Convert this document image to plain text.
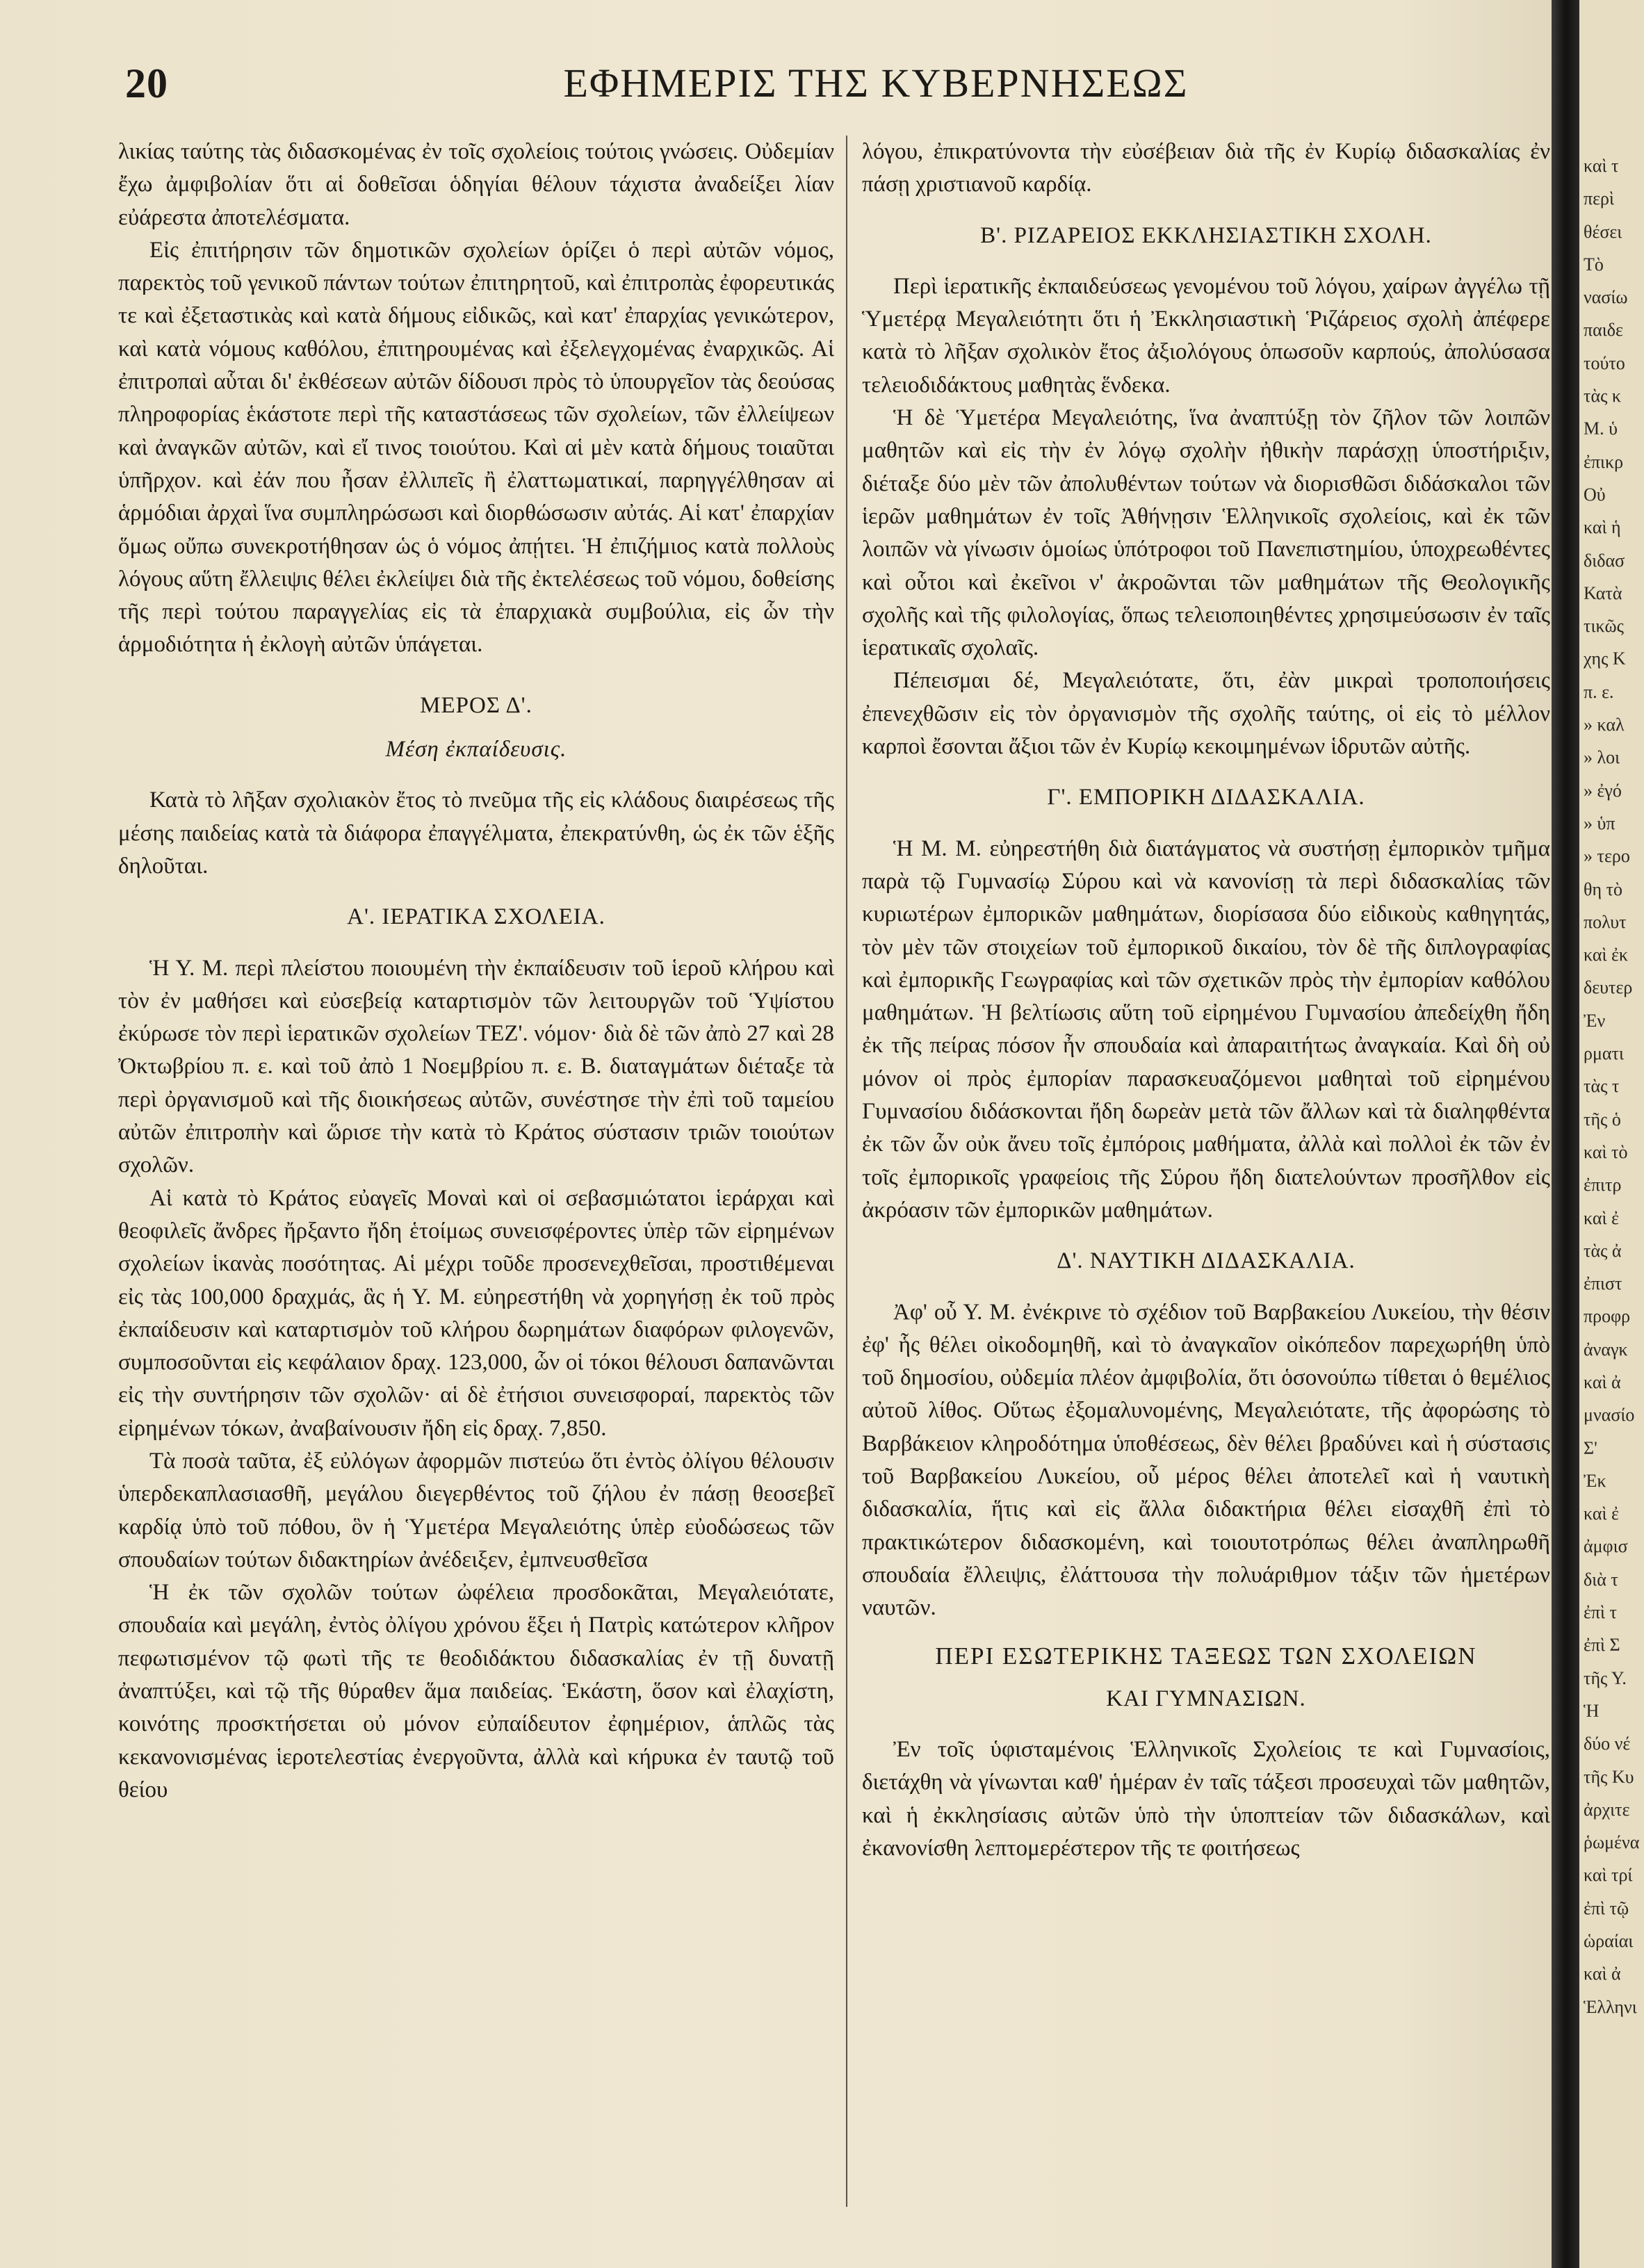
20	ΕΦΗΜΕΡΙΣ ΤΗΣ ΚΥΒΕΡΝΗΣΕΩΣ

λικίας ταύτης τὰς διδασκομένας ἐν τοῖς σχολείοις τούτοις γνώσεις. Οὐδεμίαν ἔχω ἀμφιβολίαν ὅτι αἱ δοθεῖσαι ὁδηγίαι θέλουν τάχιστα ἀναδείξει λίαν εὐάρεστα ἀποτελέσματα.

Εἰς ἐπιτήρησιν τῶν δημοτικῶν σχολείων ὁρίζει ὁ περὶ αὐτῶν νόμος, παρεκτὸς τοῦ γενικοῦ πάντων τούτων ἐπιτηρητοῦ, καὶ ἐπιτροπὰς ἐφορευτικάς τε καὶ ἐξεταστικὰς καὶ κατὰ δήμους εἰδικῶς, καὶ κατ' ἐπαρχίας γενικώτερον, καὶ κατὰ νόμους καθόλου, ἐπιτηρουμένας καὶ ἐξελεγχομένας ἐναρχικῶς. Αἱ ἐπιτροπαὶ αὗται δι' ἐκθέσεων αὐτῶν δίδουσι πρὸς τὸ ὑπουργεῖον τὰς δεούσας πληροφορίας ἑκάστοτε περὶ τῆς καταστάσεως τῶν σχολείων, τῶν ἐλλείψεων καὶ ἀναγκῶν αὐτῶν, καὶ εἴ τινος τοιούτου. Καὶ αἱ μὲν κατὰ δήμους τοιαῦται ὑπῆρχον. καὶ ἐάν που ἦσαν ἐλλιπεῖς ἢ ἐλαττωματικαί, παρηγγέλθησαν αἱ ἁρμόδιαι ἀρχαὶ ἵνα συμπληρώσωσι καὶ διορθώσωσιν αὐτάς. Αἱ κατ' ἐπαρχίαν ὅμως οὔπω συνεκροτήθησαν ὡς ὁ νόμος ἀπῄτει. Ἡ ἐπιζήμιος κατὰ πολλοὺς λόγους αὕτη ἔλλειψις θέλει ἐκλείψει διὰ τῆς ἐκτελέσεως τοῦ νόμου, δοθείσης τῆς περὶ τούτου παραγγελίας εἰς τὰ ἐπαρχιακὰ συμβούλια, εἰς ὧν τὴν ἁρμοδιότητα ἡ ἐκλογὴ αὐτῶν ὑπάγεται.

ΜΕΡΟΣ Δ'.
Μέση ἐκπαίδευσις.

Κατὰ τὸ λῆξαν σχολιακὸν ἔτος τὸ πνεῦμα τῆς εἰς κλάδους διαιρέσεως τῆς μέσης παιδείας κατὰ τὰ διάφορα ἐπαγγέλματα, ἐπεκρατύνθη, ὡς ἐκ τῶν ἑξῆς δηλοῦται.

Α'. ΙΕΡΑΤΙΚΑ ΣΧΟΛΕΙΑ.

Ἡ Υ. Μ. περὶ πλείστου ποιουμένη τὴν ἐκπαίδευσιν τοῦ ἱεροῦ κλήρου καὶ τὸν ἐν μαθήσει καὶ εὐσεβείᾳ καταρτισμὸν τῶν λειτουργῶν τοῦ Ὑψίστου ἐκύρωσε τὸν περὶ ἱερατικῶν σχολείων ΤΕΖ'. νόμον· διὰ δὲ τῶν ἀπὸ 27 καὶ 28 Ὀκτωβρίου π. ε. καὶ τοῦ ἀπὸ 1 Νοεμβρίου π. ε. Β. διαταγμάτων διέταξε τὰ περὶ ὀργανισμοῦ καὶ τῆς διοικήσεως αὐτῶν, συνέστησε τὴν ἐπὶ τοῦ ταμείου αὐτῶν ἐπιτροπὴν καὶ ὥρισε τὴν κατὰ τὸ Κράτος σύστασιν τριῶν τοιούτων σχολῶν.

Αἱ κατὰ τὸ Κράτος εὐαγεῖς Μοναὶ καὶ οἱ σεβασμιώτατοι ἱεράρχαι καὶ θεοφιλεῖς ἄνδρες ἤρξαντο ἤδη ἑτοίμως συνεισφέροντες ὑπὲρ τῶν εἰρημένων σχολείων ἱκανὰς ποσότητας. Αἱ μέχρι τοῦδε προσενεχθεῖσαι, προστιθέμεναι εἰς τὰς 100,000 δραχμάς, ἃς ἡ Υ. Μ. εὐηρεστήθη νὰ χορηγήσῃ ἐκ τοῦ πρὸς ἐκπαίδευσιν καὶ καταρτισμὸν τοῦ κλήρου δωρημάτων διαφόρων φιλογενῶν, συμποσοῦνται εἰς κεφάλαιον δραχ. 123,000, ὧν οἱ τόκοι θέλουσι δαπανῶνται εἰς τὴν συντήρησιν τῶν σχολῶν· αἱ δὲ ἐτήσιοι συνεισφοραί, παρεκτὸς τῶν εἰρημένων τόκων, ἀναβαίνουσιν ἤδη εἰς δραχ. 7,850.

Τὰ ποσὰ ταῦτα, ἐξ εὐλόγων ἀφορμῶν πιστεύω ὅτι ἐντὸς ὀλίγου θέλουσιν ὑπερδεκαπλασιασθῆ, μεγάλου διεγερθέντος τοῦ ζήλου ἐν πάσῃ θεοσεβεῖ καρδίᾳ ὑπὸ τοῦ πόθου, ὃν ἡ Ὑμετέρα Μεγαλειότης ὑπὲρ εὐοδώσεως τῶν σπουδαίων τούτων διδακτηρίων ἀνέδειξεν, ἐμπνευσθεῖσα

Ἡ ἐκ τῶν σχολῶν τούτων ὠφέλεια προσδοκᾶται, Μεγαλειότατε, σπουδαία καὶ μεγάλη, ἐντὸς ὀλίγου χρόνου ἕξει ἡ Πατρὶς κατώτερον κλῆρον πεφωτισμένον τῷ φωτὶ τῆς τε θεοδιδάκτου διδασκαλίας ἐν τῇ δυνατῇ ἀναπτύξει, καὶ τῷ τῆς θύραθεν ἅμα παιδείας. Ἑκάστη, ὅσον καὶ ἐλαχίστη, κοινότης προσκτήσεται οὐ μόνον εὐπαίδευτον ἐφημέριον, ἁπλῶς τὰς κεκανονισμένας ἱεροτελεστίας ἐνεργοῦντα, ἀλλὰ καὶ κήρυκα ἐν ταυτῷ τοῦ θείου

λόγου, ἐπικρατύνοντα τὴν εὐσέβειαν διὰ τῆς ἐν Κυρίῳ διδασκαλίας ἐν πάσῃ χριστιανοῦ καρδίᾳ.

Β'. ΡΙΖΑΡΕΙΟΣ ΕΚΚΛΗΣΙΑΣΤΙΚΗ ΣΧΟΛΗ.

Περὶ ἱερατικῆς ἐκπαιδεύσεως γενομένου τοῦ λόγου, χαίρων ἀγγέλω τῇ Ὑμετέρᾳ Μεγαλειότητι ὅτι ἡ Ἐκκλησιαστικὴ Ῥιζάρειος σχολὴ ἀπέφερε κατὰ τὸ λῆξαν σχολικὸν ἔτος ἀξιολόγους ὁπωσοῦν καρπούς, ἀπολύσασα τελειοδιδάκτους μαθητὰς ἕνδεκα.

Ἡ δὲ Ὑμετέρα Μεγαλειότης, ἵνα ἀναπτύξῃ τὸν ζῆλον τῶν λοιπῶν μαθητῶν καὶ εἰς τὴν ἐν λόγῳ σχολὴν ἠθικὴν παράσχῃ ὑποστήριξιν, διέταξε δύο μὲν τῶν ἀπολυθέντων τούτων νὰ διορισθῶσι διδάσκαλοι τῶν ἱερῶν μαθημάτων ἐν τοῖς Ἀθήνῃσιν Ἑλληνικοῖς σχολείοις, καὶ ἐκ τῶν λοιπῶν νὰ γίνωσιν ὁμοίως ὑπότροφοι τοῦ Πανεπιστημίου, ὑποχρεωθέντες καὶ οὗτοι καὶ ἐκεῖνοι ν' ἀκροῶνται τῶν μαθημάτων τῆς Θεολογικῆς σχολῆς καὶ τῆς φιλολογίας, ὅπως τελειοποιηθέντες χρησιμεύσωσιν ἐν ταῖς ἱερατικαῖς σχολαῖς.

Πέπεισμαι δέ, Μεγαλειότατε, ὅτι, ἐὰν μικραὶ τροποποιήσεις ἐπενεχθῶσιν εἰς τὸν ὀργανισμὸν τῆς σχολῆς ταύτης, οἱ εἰς τὸ μέλλον καρποὶ ἔσονται ἄξιοι τῶν ἐν Κυρίῳ κεκοιμημένων ἱδρυτῶν αὐτῆς.

Γ'. ΕΜΠΟΡΙΚΗ ΔΙΔΑΣΚΑΛΙΑ.

Ἡ Μ. Μ. εὐηρεστήθη διὰ διατάγματος νὰ συστήσῃ ἐμπορικὸν τμῆμα παρὰ τῷ Γυμνασίῳ Σύρου καὶ νὰ κανονίσῃ τὰ περὶ διδασκαλίας τῶν κυριωτέρων ἐμπορικῶν μαθημάτων, διορίσασα δύο εἰδικοὺς καθηγητάς, τὸν μὲν τῶν στοιχείων τοῦ ἐμπορικοῦ δικαίου, τὸν δὲ τῆς διπλογραφίας καὶ ἐμπορικῆς Γεωγραφίας καὶ τῶν σχετικῶν πρὸς τὴν ἐμπορίαν καθόλου μαθημάτων. Ἡ βελτίωσις αὕτη τοῦ εἰρημένου Γυμνασίου ἀπεδείχθη ἤδη ἐκ τῆς πείρας πόσον ἦν σπουδαία καὶ ἀπαραιτήτως ἀναγκαία. Καὶ δὴ οὐ μόνον οἱ πρὸς ἐμπορίαν παρασκευαζόμενοι μαθηταὶ τοῦ εἰρημένου Γυμνασίου διδάσκονται ἤδη δωρεὰν μετὰ τῶν ἄλλων καὶ τὰ διαληφθέντα ἐκ τῶν ὧν οὐκ ἄνευ τοῖς ἐμπόροις μαθήματα, ἀλλὰ καὶ πολλοὶ ἐκ τῶν ἐν τοῖς ἐμπορικοῖς γραφείοις τῆς Σύρου ἤδη διατελούντων προσῆλθον εἰς ἀκρόασιν τῶν ἐμπορικῶν μαθημάτων.

Δ'. ΝΑΥΤΙΚΗ ΔΙΔΑΣΚΑΛΙΑ.

Ἀφ' οὗ Υ. Μ. ἐνέκρινε τὸ σχέδιον τοῦ Βαρβακείου Λυκείου, τὴν θέσιν ἐφ' ἧς θέλει οἰκοδομηθῆ, καὶ τὸ ἀναγκαῖον οἰκόπεδον παρεχωρήθη ὑπὸ τοῦ δημοσίου, οὐδεμία πλέον ἀμφιβολία, ὅτι ὁσονούπω τίθεται ὁ θεμέλιος αὐτοῦ λίθος. Οὕτως ἐξομαλυνομένης, Μεγαλειότατε, τῆς ἀφορώσης τὸ Βαρβάκειον κληροδότημα ὑποθέσεως, δὲν θέλει βραδύνει καὶ ἡ σύστασις τοῦ Βαρβακείου Λυκείου, οὗ μέρος θέλει ἀποτελεῖ καὶ ἡ ναυτικὴ διδασκαλία, ἥτις καὶ εἰς ἄλλα διδακτήρια θέλει εἰσαχθῆ ἐπὶ τὸ πρακτικώτερον διδασκομένη, καὶ τοιουτοτρόπως θέλει ἀναπληρωθῆ σπουδαία ἔλλειψις, ἐλάττουσα τὴν πολυάριθμον τάξιν τῶν ἡμετέρων ναυτῶν.

ΠΕΡΙ ΕΣΩΤΕΡΙΚΗΣ ΤΑΞΕΩΣ ΤΩΝ ΣΧΟΛΕΙΩΝ
ΚΑΙ ΓΥΜΝΑΣΙΩΝ.

Ἐν τοῖς ὑφισταμένοις Ἑλληνικοῖς Σχολείοις τε καὶ Γυμνασίοις, διετάχθη νὰ γίνωνται καθ' ἡμέραν ἐν ταῖς τάξεσι προσευχαὶ τῶν μαθητῶν, καὶ ἡ ἐκκλησίασις αὐτῶν ὑπὸ τὴν ὑποπτείαν τῶν διδασκάλων, καὶ ἐκανονίσθη λεπτομερέστερον τῆς τε φοιτήσεως

καὶ τ
περὶ
θέσει
Τὸ
νασίω
παιδε
τούτο
τὰς κ
Μ. ὑ
ἐπικρ
Οὐ
καὶ ἡ
διδασ
Κατὰ
τικῶς
χης Κ
π. ε.
» καλ
» λοι
» ἐγό
» ὑπ
» τερο
θη τὸ
πολυτ
καὶ ἐκ
δευτερ
Ἐν
ρματι
τὰς τ
τῆς ὁ
καὶ τὸ
ἐπιτρ
καὶ ἐ
τὰς ἀ
ἐπιστ
προφρ
ἀναγκ
καὶ ἀ
μνασίο
Σ'
Ἐκ
καὶ ἐ
ἀμφισ
διὰ τ
ἐπὶ τ
ἐπὶ Σ
τῆς Υ.
Ἡ
δύο νέ
τῆς Κυ
ἀρχιτε
ῥωμένα
καὶ τρί
ἐπὶ τῷ
ὡραίαι
καὶ ἀ
Ἑλληνι
